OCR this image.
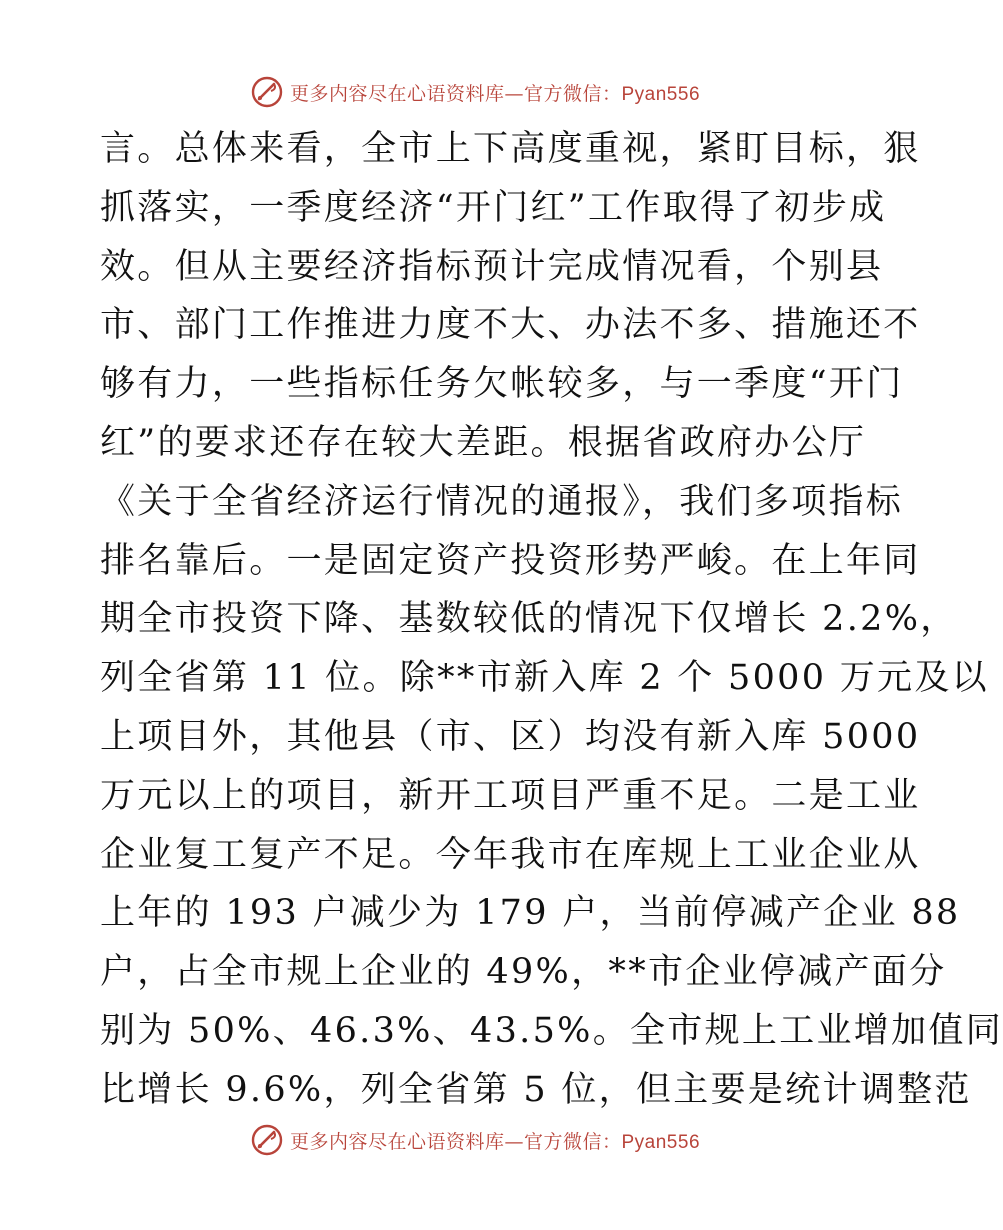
更多内容尽在心语资料库—官方微信：Pyan556
言。总体来看，全市上下高度重视，紧盯目标，狠
抓落实，一季度经济“开门红”工作取得了初步成
效。但从主要经济指标预计完成情况看，个别县
市、部门工作推进力度不大、办法不多、措施还不
够有力，一些指标任务欠帐较多，与一季度“开门
红”的要求还存在较大差距。根据省政府办公厅
《关于全省经济运行情况的通报》，我们多项指标
排名靠后。一是固定资产投资形势严峻。在上年同
期全市投资下降、基数较低的情况下仅增长 2.2%，
列全省第 11 位。除**市新入库 2 个 5000 万元及以
上项目外，其他县（市、区）均没有新入库 5000
万元以上的项目，新开工项目严重不足。二是工业
企业复工复产不足。今年我市在库规上工业企业从
上年的 193 户减少为 179 户，当前停减产企业 88
户，占全市规上企业的 49%，**市企业停减产面分
别为 50%、46.3%、43.5%。全市规上工业增加值同
比增长 9.6%，列全省第 5 位，但主要是统计调整范
更多内容尽在心语资料库—官方微信：Pyan556
